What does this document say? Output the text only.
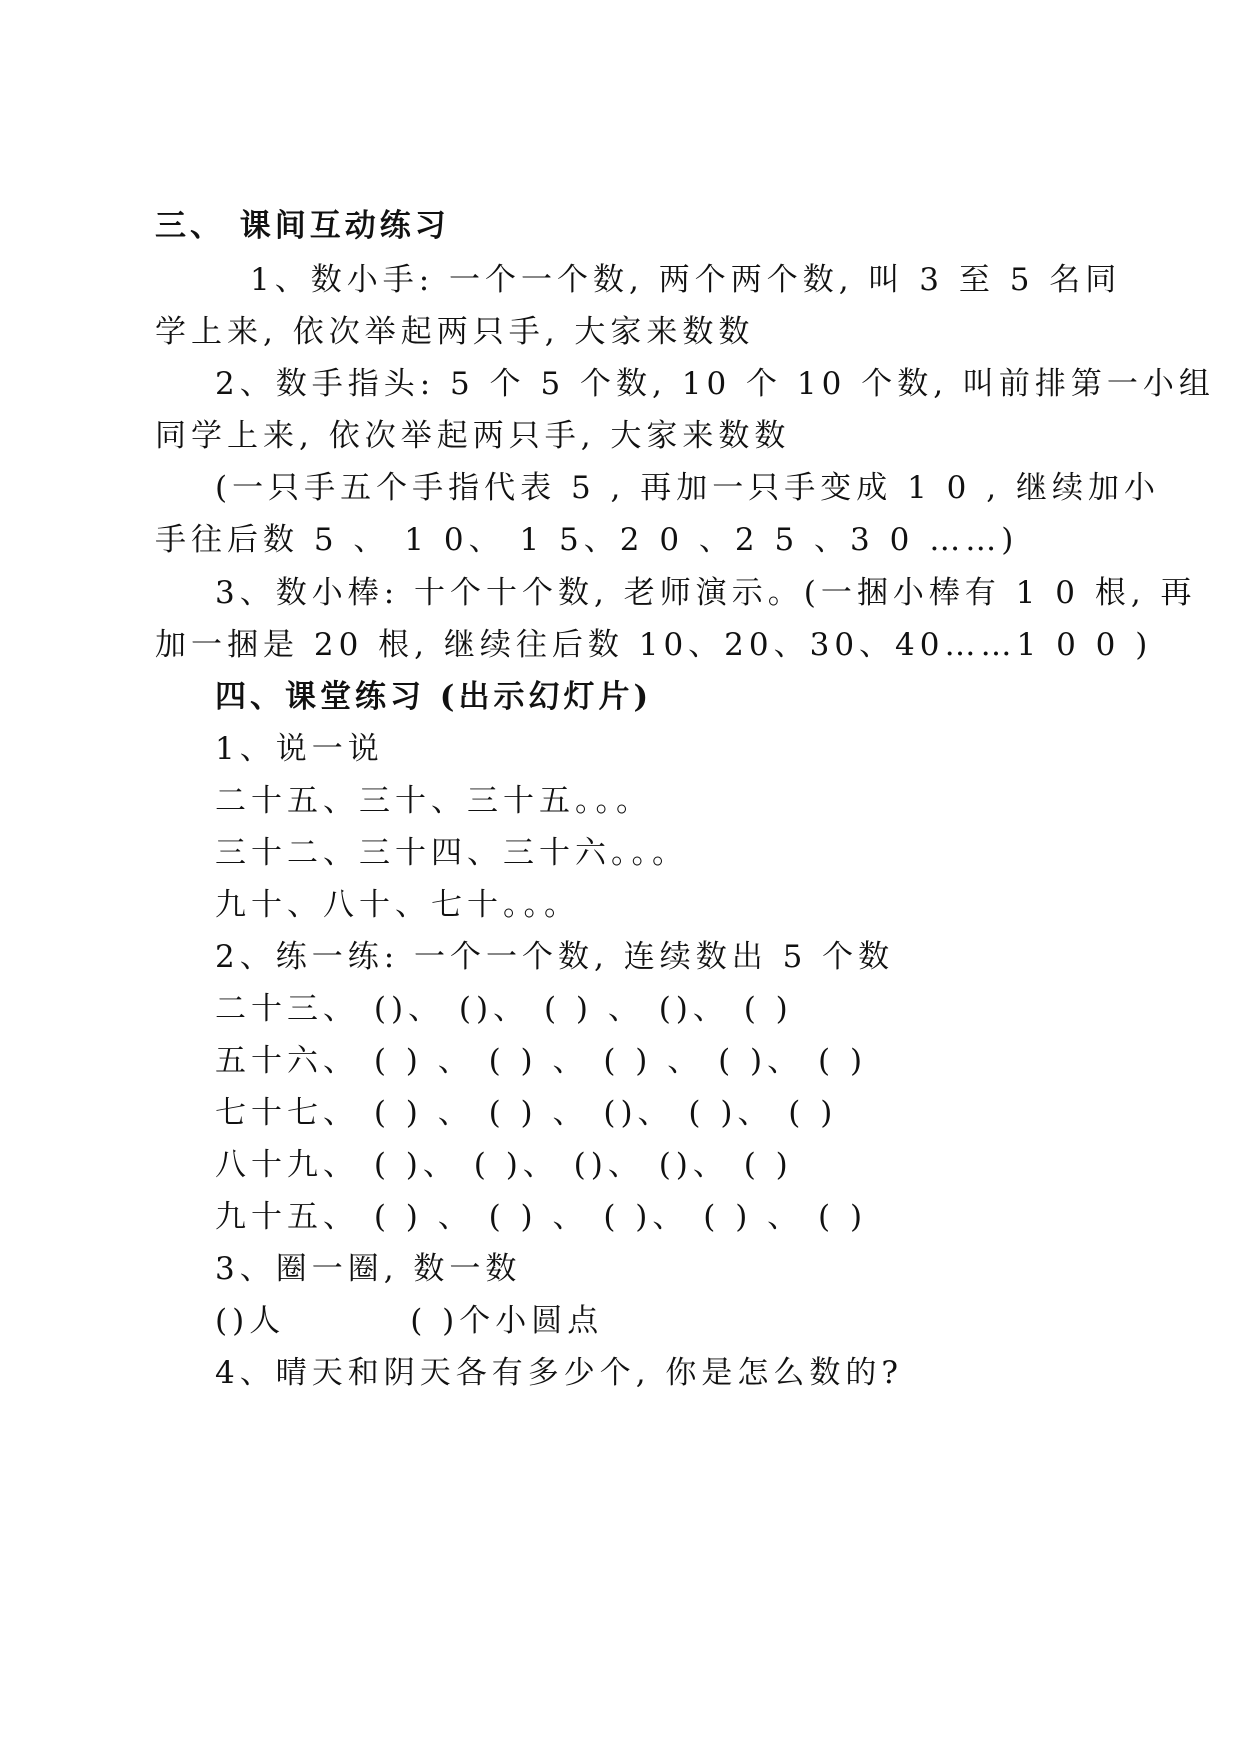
三、 课间互动练习
1、数小手: 一个一个数, 两个两个数, 叫 3 至 5 名同
学上来, 依次举起两只手, 大家来数数
2、数手指头: 5 个 5 个数, 10 个 10 个数, 叫前排第一小组
同学上来, 依次举起两只手, 大家来数数
(一只手五个手指代表 5 , 再加一只手变成 1 0 , 继续加小
手往后数 5 、 1 0、 1 5、2 0 、2 5 、3 0 ……)
3、数小棒: 十个十个数, 老师演示。(一捆小棒有 1 0 根, 再
加一捆是 20 根, 继续往后数 10、20、30、40……1 0 0 )
四、课堂练习 (出示幻灯片)
1、说一说
二十五、三十、三十五。。。
三十二、三十四、三十六。。。
九十、八十、七十。。。
2、练一练: 一个一个数, 连续数出 5 个数
二十三、 ()、 ()、 ( ) 、 ()、 ( )
五十六、 ( ) 、 ( ) 、 ( ) 、 ( )、 ( )
七十七、 ( ) 、 ( ) 、 ()、 ( )、 ( )
八十九、 ( )、 ( )、 ()、 ()、 ( )
九十五、 ( ) 、 ( ) 、 ( )、 ( ) 、 ( )
3、圈一圈, 数一数
()人	( )个小圆点
4、晴天和阴天各有多少个, 你是怎么数的?
